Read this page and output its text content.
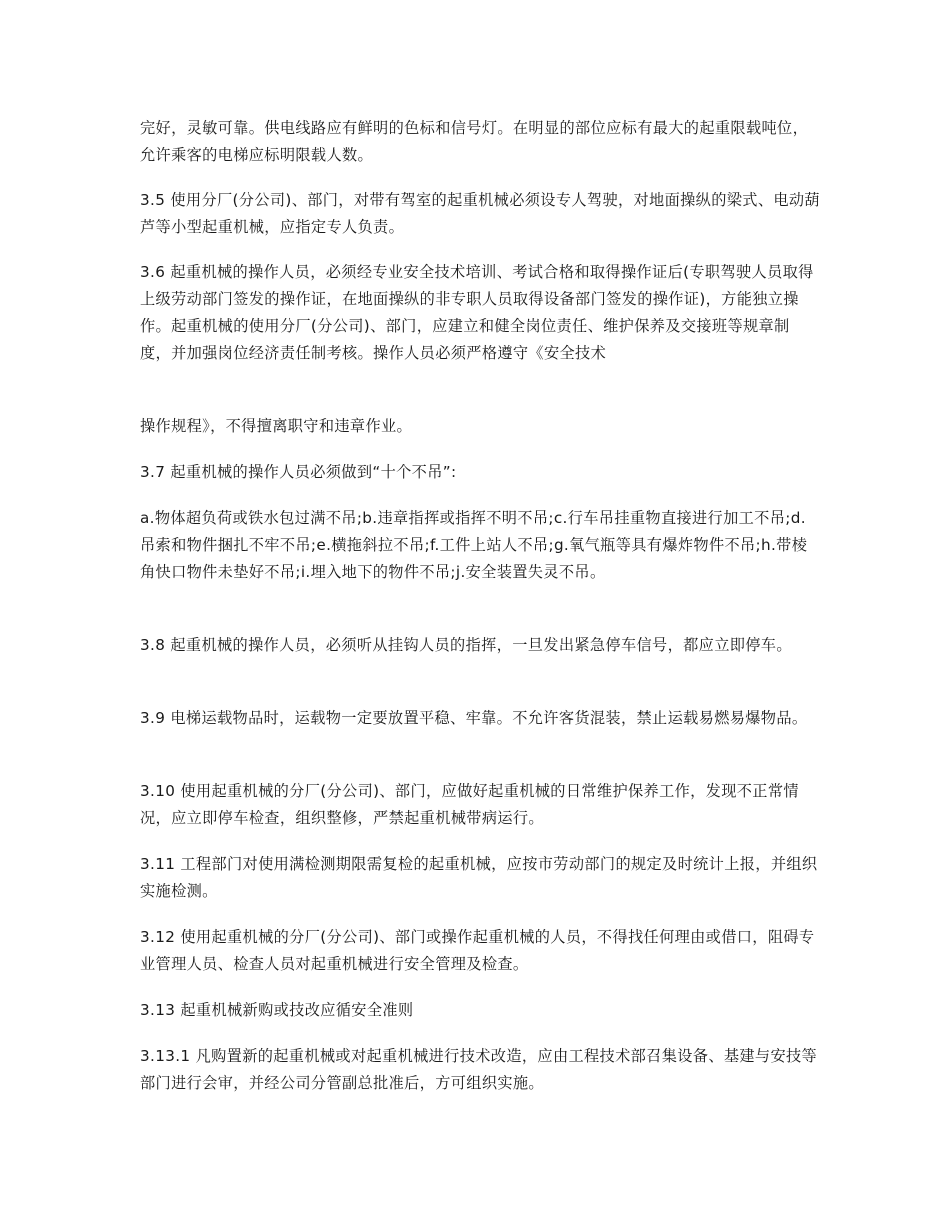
完好，灵敏可靠。供电线路应有鲜明的色标和信号灯。在明显的部位应标有最大的起重限载吨位，允许乘客的电梯应标明限载人数。

3.5 使用分厂(分公司)、部门，对带有驾室的起重机械必须设专人驾驶，对地面操纵的梁式、电动葫芦等小型起重机械，应指定专人负责。

3.6 起重机械的操作人员，必须经专业安全技术培训、考试合格和取得操作证后(专职驾驶人员取得上级劳动部门签发的操作证，在地面操纵的非专职人员取得设备部门签发的操作证)，方能独立操作。起重机械的使用分厂(分公司)、部门，应建立和健全岗位责任、维护保养及交接班等规章制度，并加强岗位经济责任制考核。操作人员必须严格遵守《安全技术

操作规程》，不得擅离职守和违章作业。

3.7 起重机械的操作人员必须做到“十个不吊”:

a.物体超负荷或铁水包过满不吊;b.违章指挥或指挥不明不吊;c.行车吊挂重物直接进行加工不吊;d.吊索和物件捆扎不牢不吊;e.横拖斜拉不吊;f.工件上站人不吊;g.氧气瓶等具有爆炸物件不吊;h.带棱角快口物件未垫好不吊;i.埋入地下的物件不吊;j.安全装置失灵不吊。

3.8 起重机械的操作人员，必须听从挂钩人员的指挥，一旦发出紧急停车信号，都应立即停车。

3.9 电梯运载物品时，运载物一定要放置平稳、牢靠。不允许客货混装，禁止运载易燃易爆物品。

3.10 使用起重机械的分厂(分公司)、部门，应做好起重机械的日常维护保养工作，发现不正常情况，应立即停车检查，组织整修，严禁起重机械带病运行。

3.11 工程部门对使用满检测期限需复检的起重机械，应按市劳动部门的规定及时统计上报，并组织实施检测。

3.12 使用起重机械的分厂(分公司)、部门或操作起重机械的人员，不得找任何理由或借口，阻碍专业管理人员、检查人员对起重机械进行安全管理及检查。

3.13 起重机械新购或技改应循安全准则

3.13.1 凡购置新的起重机械或对起重机械进行技术改造，应由工程技术部召集设备、基建与安技等部门进行会审，并经公司分管副总批准后，方可组织实施。
